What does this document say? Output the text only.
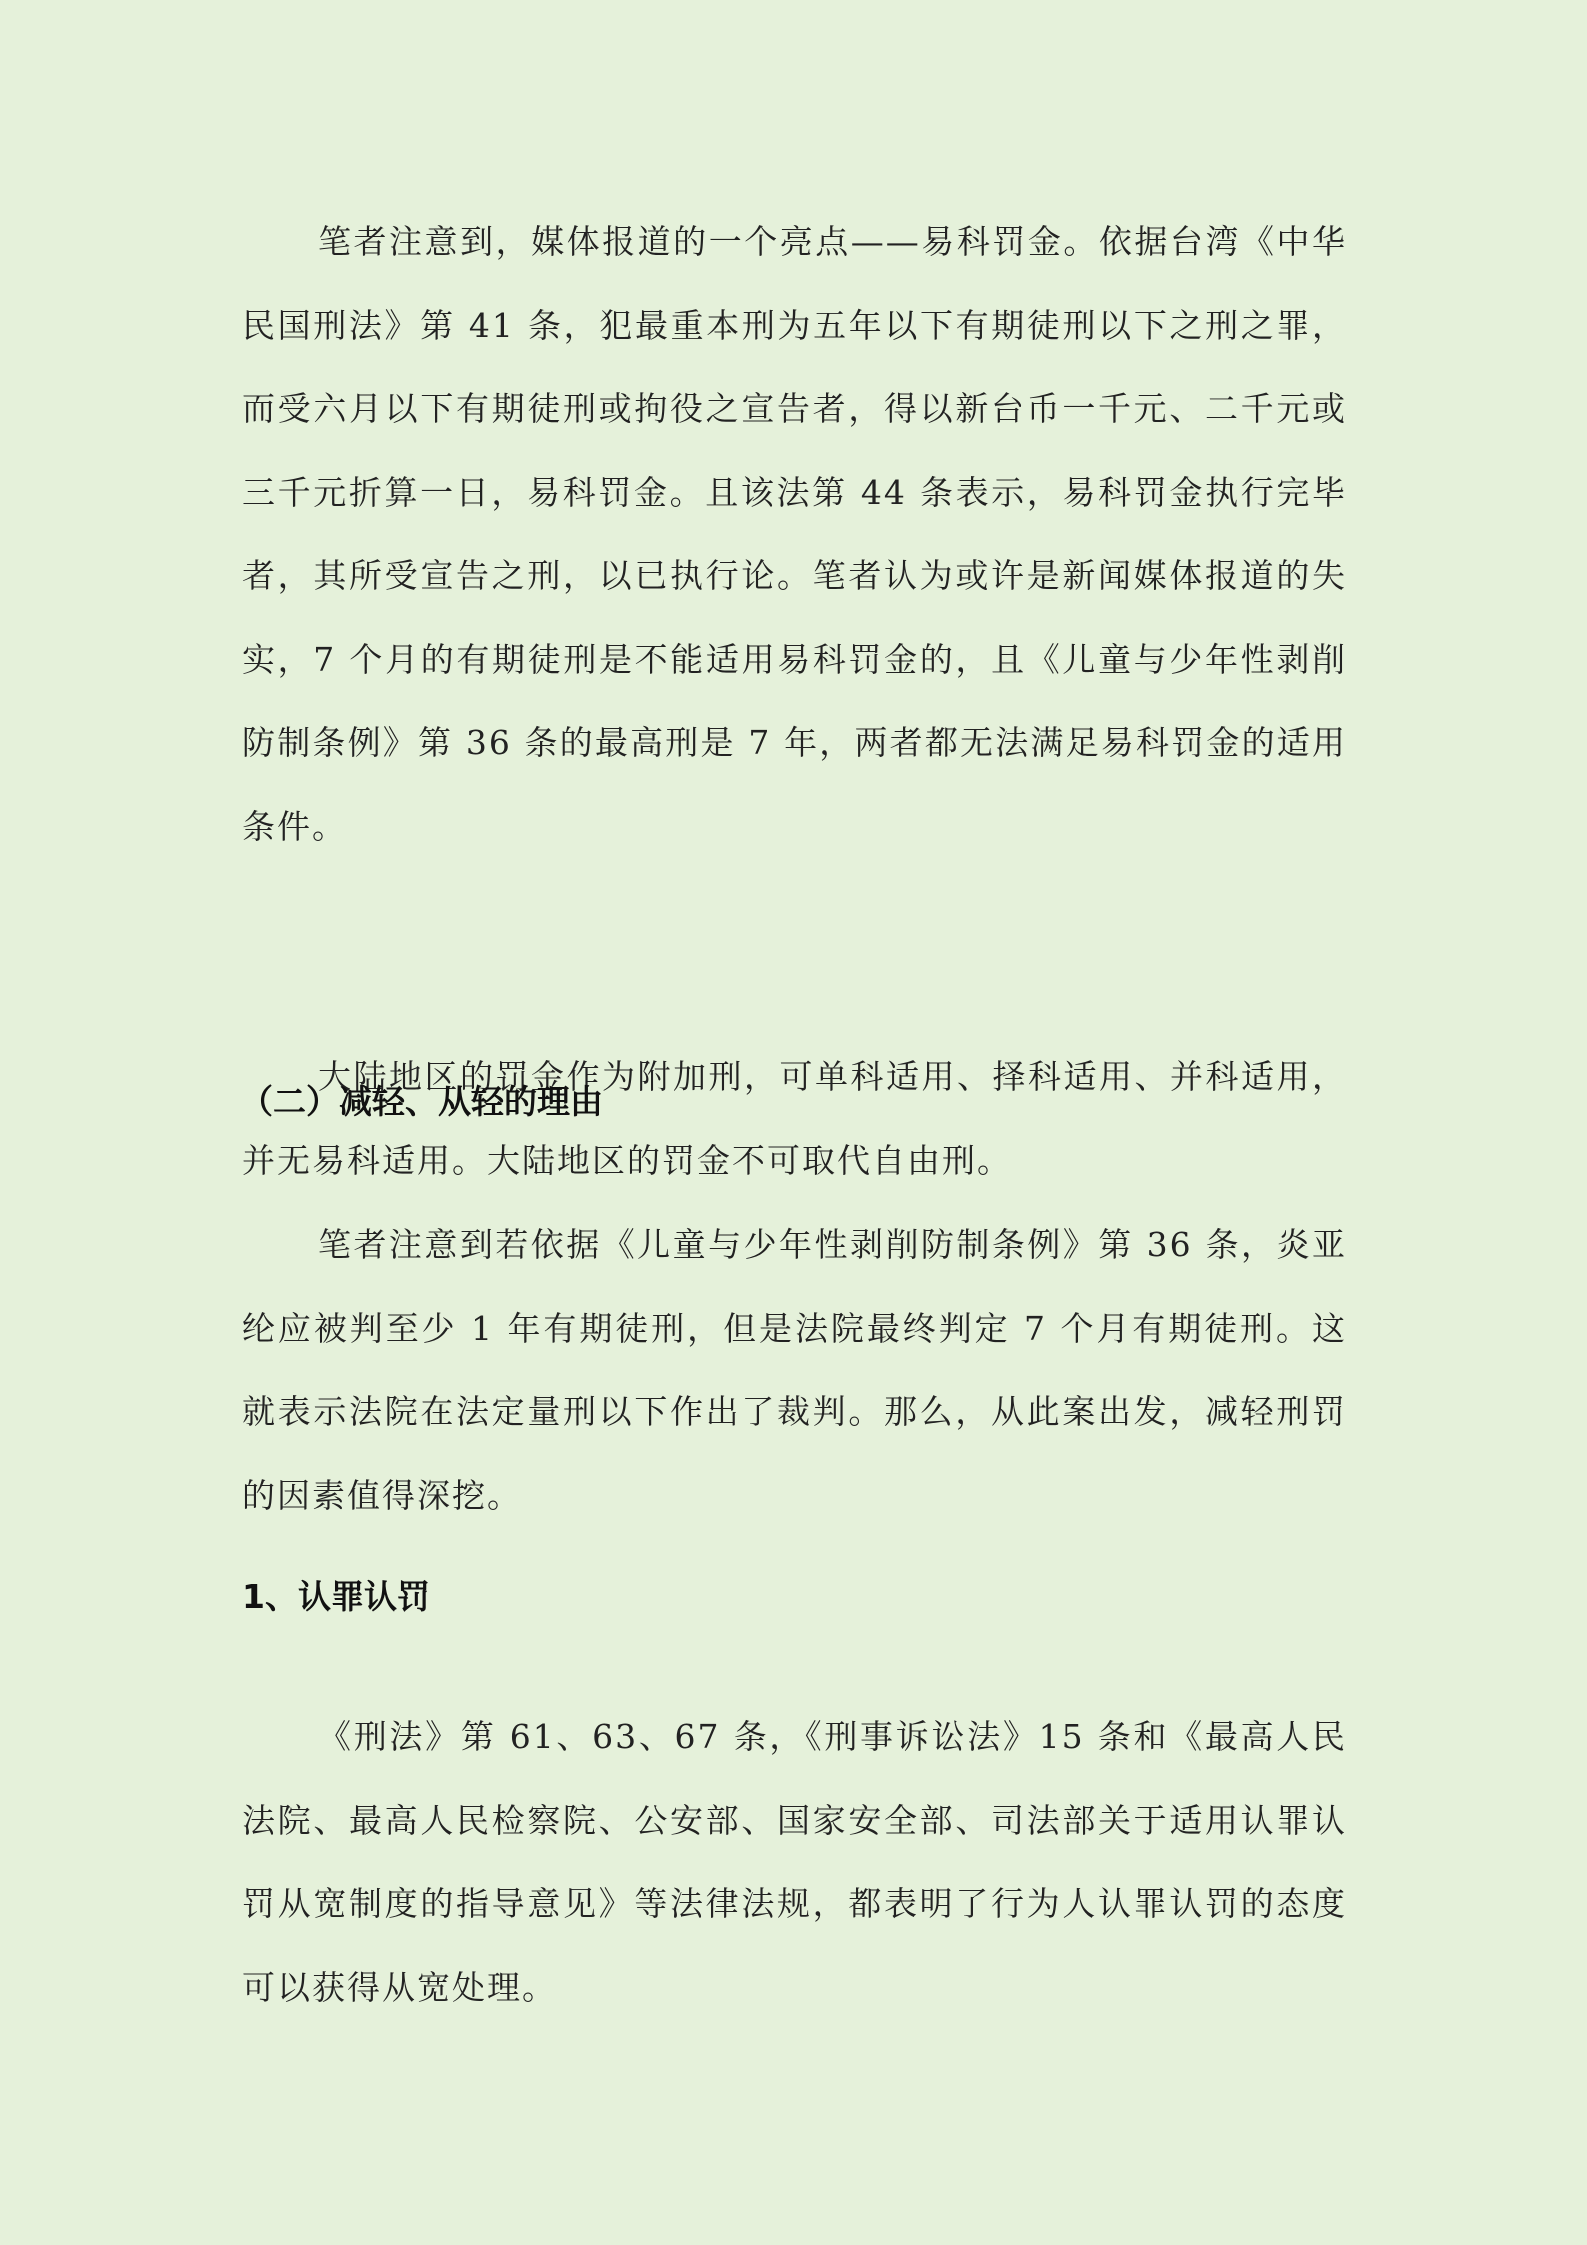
笔者注意到，媒体报道的一个亮点——易科罚金。依据台湾《中华民国刑法》第 41 条，犯最重本刑为五年以下有期徒刑以下之刑之罪，而受六月以下有期徒刑或拘役之宣告者，得以新台币一千元、二千元或三千元折算一日，易科罚金。且该法第 44 条表示，易科罚金执行完毕者，其所受宣告之刑，以已执行论。笔者认为或许是新闻媒体报道的失实，7 个月的有期徒刑是不能适用易科罚金的，且《儿童与少年性剥削防制条例》第 36 条的最高刑是 7 年，两者都无法满足易科罚金的适用条件。

大陆地区的罚金作为附加刑，可单科适用、择科适用、并科适用，并无易科适用。大陆地区的罚金不可取代自由刑。

（二）减轻、从轻的理由

笔者注意到若依据《儿童与少年性剥削防制条例》第 36 条，炎亚纶应被判至少 1 年有期徒刑，但是法院最终判定 7 个月有期徒刑。这就表示法院在法定量刑以下作出了裁判。那么，从此案出发，减轻刑罚的因素值得深挖。

1、认罪认罚

《刑法》第 61、63、67 条，《刑事诉讼法》15 条和《最高人民法院、最高人民检察院、公安部、国家安全部、司法部关于适用认罪认罚从宽制度的指导意见》等法律法规，都表明了行为人认罪认罚的态度可以获得从宽处理。
